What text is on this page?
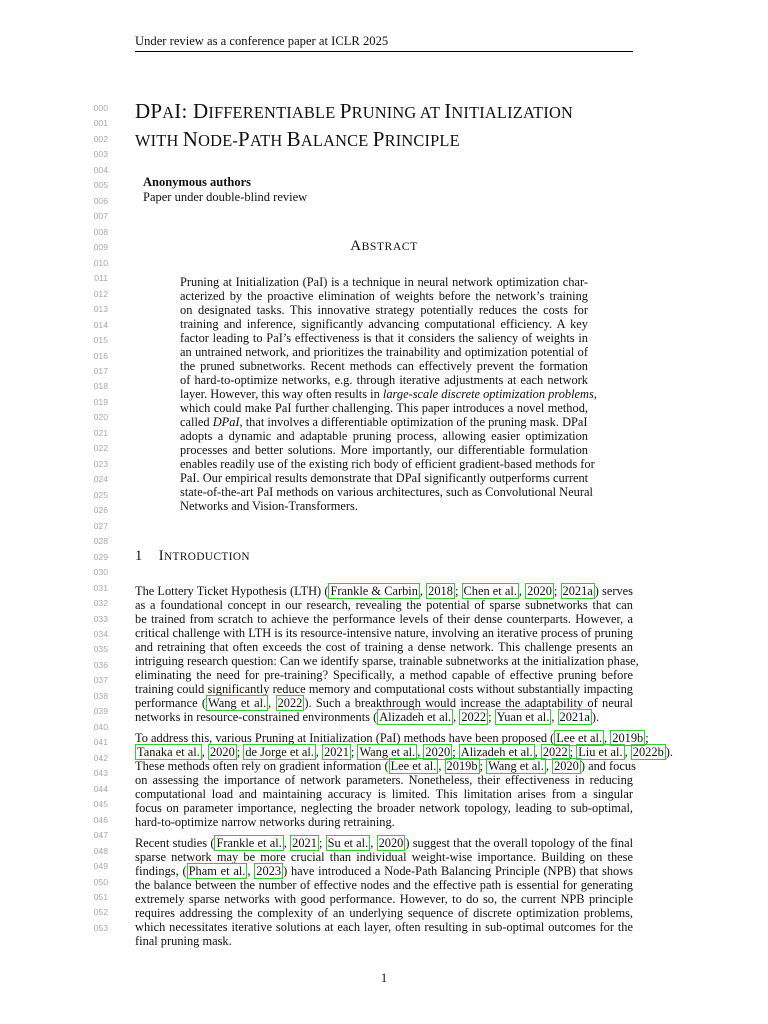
Under review as a conference paper at ICLR 2025
000
001
002
003
004
005
006
007
008
009
010
011
012
013
014
015
016
017
018
019
020
021
022
023
024
025
026
027
028
029
030
031
032
033
034
035
036
037
038
039
040
041
042
043
044
045
046
047
048
049
050
051
052
053
DPAI: DIFFERENTIABLE PRUNING AT INITIALIZATION
WITH NODE-PATH BALANCE PRINCIPLE
Anonymous authors
Paper under double-blind review
ABSTRACT
Pruning at Initialization (PaI) is a technique in neural network optimization char-
acterized by the proactive elimination of weights before the network’s training
on designated tasks. This innovative strategy potentially reduces the costs for
training and inference, significantly advancing computational efficiency. A key
factor leading to PaI’s effectiveness is that it considers the saliency of weights in
an untrained network, and prioritizes the trainability and optimization potential of
the pruned subnetworks. Recent methods can effectively prevent the formation
of hard-to-optimize networks, e.g. through iterative adjustments at each network
layer. However, this way often results in large-scale discrete optimization problems,
which could make PaI further challenging. This paper introduces a novel method,
called DPaI, that involves a differentiable optimization of the pruning mask. DPaI
adopts a dynamic and adaptable pruning process, allowing easier optimization
processes and better solutions. More importantly, our differentiable formulation
enables readily use of the existing rich body of efficient gradient-based methods for
PaI. Our empirical results demonstrate that DPaI significantly outperforms current
state-of-the-art PaI methods on various architectures, such as Convolutional Neural
Networks and Vision-Transformers.
1 INTRODUCTION
The Lottery Ticket Hypothesis (LTH) ( Frankle & Carbin , 2018 ; Chen et al. , 2020 ; 2021a ) serves
as a foundational concept in our research, revealing the potential of sparse subnetworks that can
be trained from scratch to achieve the performance levels of their dense counterparts. However, a
critical challenge with LTH is its resource-intensive nature, involving an iterative process of pruning
and retraining that often exceeds the cost of training a dense network. This challenge presents an
intriguing research question: Can we identify sparse, trainable subnetworks at the initialization phase,
eliminating the need for pre-training? Specifically, a method capable of effective pruning before
training could significantly reduce memory and computational costs without substantially impacting
performance ( Wang et al. , 2022 ). Such a breakthrough would increase the adaptability of neural
networks in resource-constrained environments ( Alizadeh et al. , 2022 ; Yuan et al. , 2021a ).
To address this, various Pruning at Initialization (PaI) methods have been proposed ( Lee et al. , 2019b ;
Tanaka et al. , 2020 ; de Jorge et al. , 2021 ; Wang et al. , 2020 ; Alizadeh et al. , 2022 ; Liu et al. , 2022b ).
These methods often rely on gradient information ( Lee et al. , 2019b ; Wang et al. , 2020 ) and focus
on assessing the importance of network parameters. Nonetheless, their effectiveness in reducing
computational load and maintaining accuracy is limited. This limitation arises from a singular
focus on parameter importance, neglecting the broader network topology, leading to sub-optimal,
hard-to-optimize narrow networks during retraining.
Recent studies ( Frankle et al. , 2021 ; Su et al. , 2020 ) suggest that the overall topology of the final
sparse network may be more crucial than individual weight-wise importance. Building on these
findings, ( Pham et al. , 2023 ) have introduced a Node-Path Balancing Principle (NPB) that shows
the balance between the number of effective nodes and the effective path is essential for generating
extremely sparse networks with good performance. However, to do so, the current NPB principle
requires addressing the complexity of an underlying sequence of discrete optimization problems,
which necessitates iterative solutions at each layer, often resulting in sub-optimal outcomes for the
final pruning mask.
1
